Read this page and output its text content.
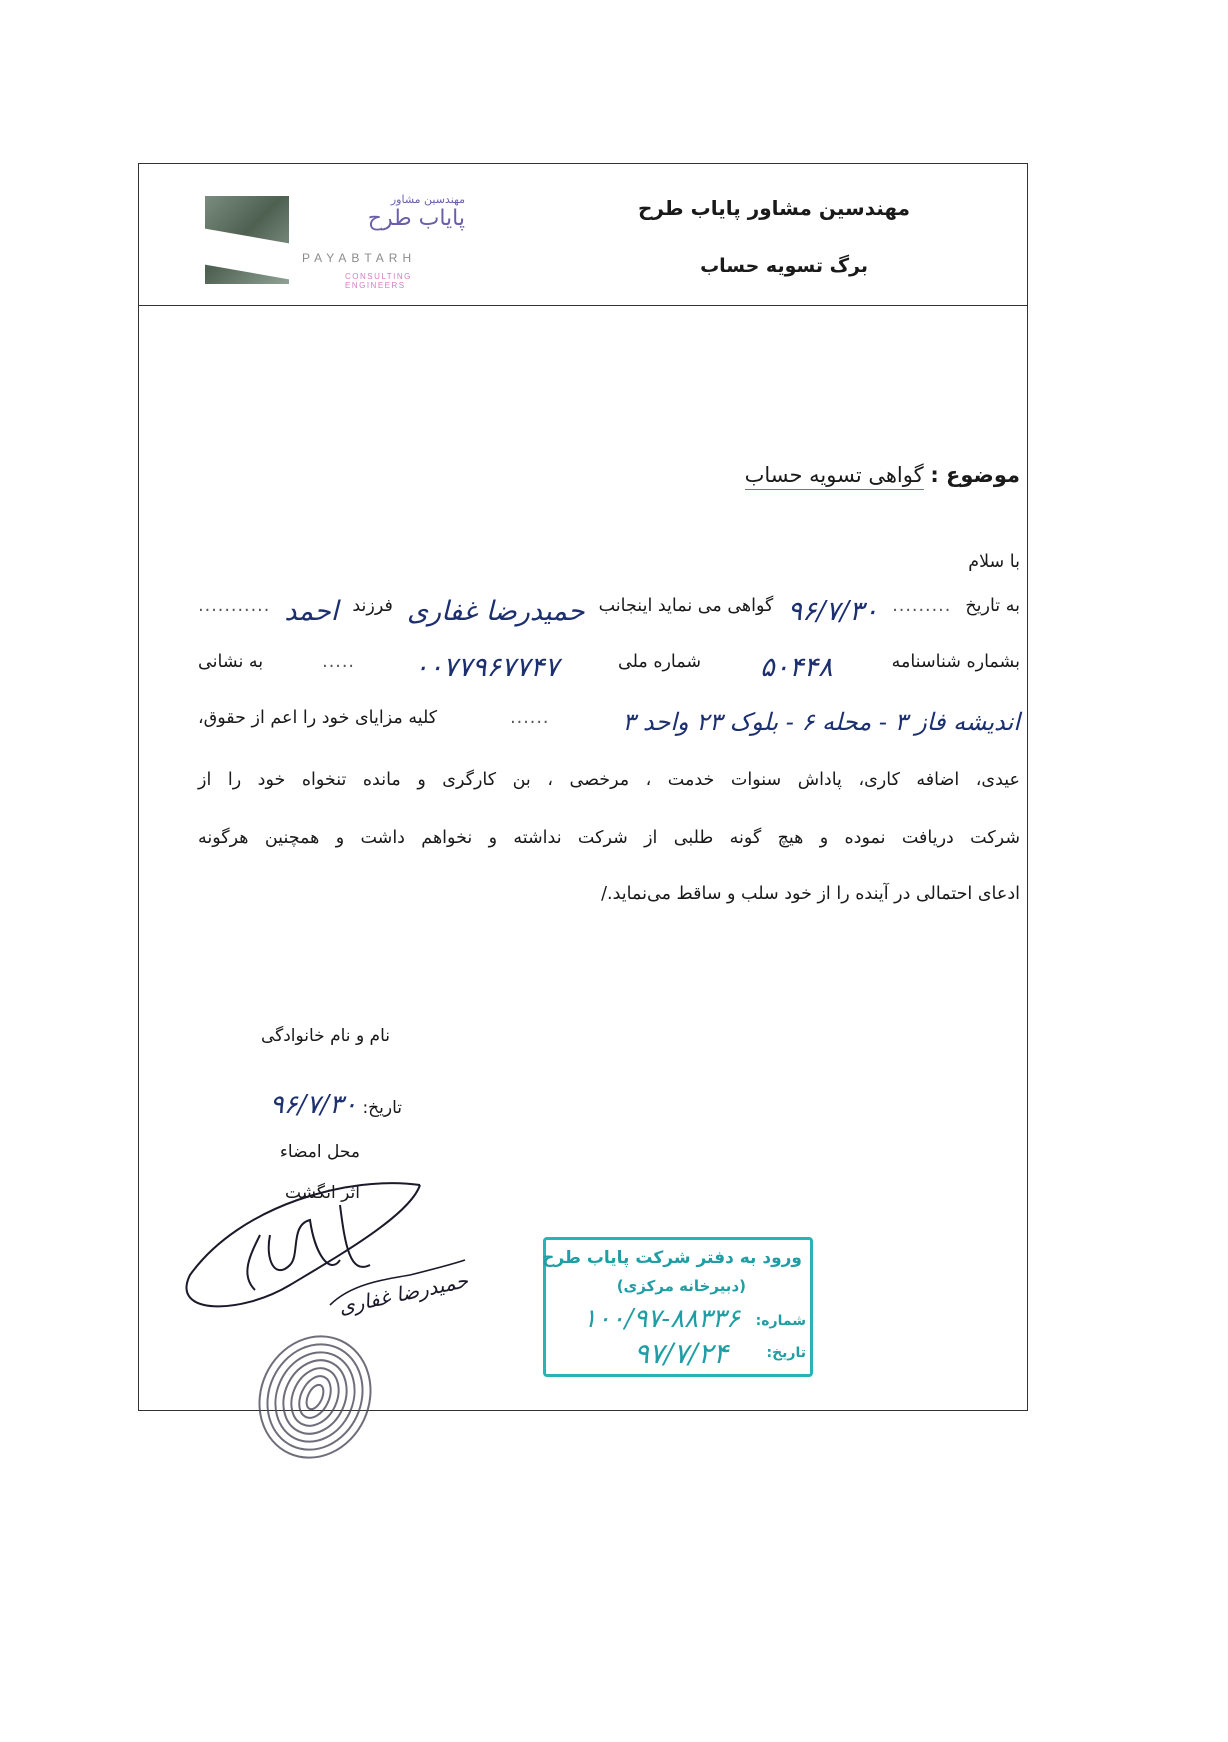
مهندسین مشاور
پایاب طرح
PAYABTARH
CONSULTING ENGINEERS
مهندسین مشاور پایاب طرح
برگ تسویه حساب
موضوع : گواهی تسویه حساب
با سلام
به تاریخ
.........
۹۶/۷/۳۰
گواهی می نماید اینجانب
حمیدرضا غفاری
فرزند
احمد
...........
بشماره شناسنامه
۵۰۴۴۸
شماره ملی
۰۰۷۷۹۶۷۷۴۷
.....
به نشانی
اندیشه فاز ۳ - محله ۶ - بلوک ۲۳ واحد ۳
......
کلیه مزایای خود را اعم از حقوق،
عیدی، اضافه کاری، پاداش سنوات خدمت ، مرخصی ، بن کارگری و مانده تنخواه خود را از
شرکت دریافت نموده و هیچ گونه طلبی از شرکت نداشته و نخواهم داشت و همچنین هرگونه
ادعای احتمالی در آینده را از خود سلب و ساقط می‌نماید./
نام و نام خانوادگی
تاریخ: ۹۶/۷/۳۰
محل امضاء
اثر انگشت
حمیدرضا غفاری
ورود به دفتر شرکت پایاب طرح
(دبیرخانه مرکزی)
شماره:
۱۰۰/۹۷-۸۸۳۳۶
تاریخ:
۹۷/۷/۲۴
